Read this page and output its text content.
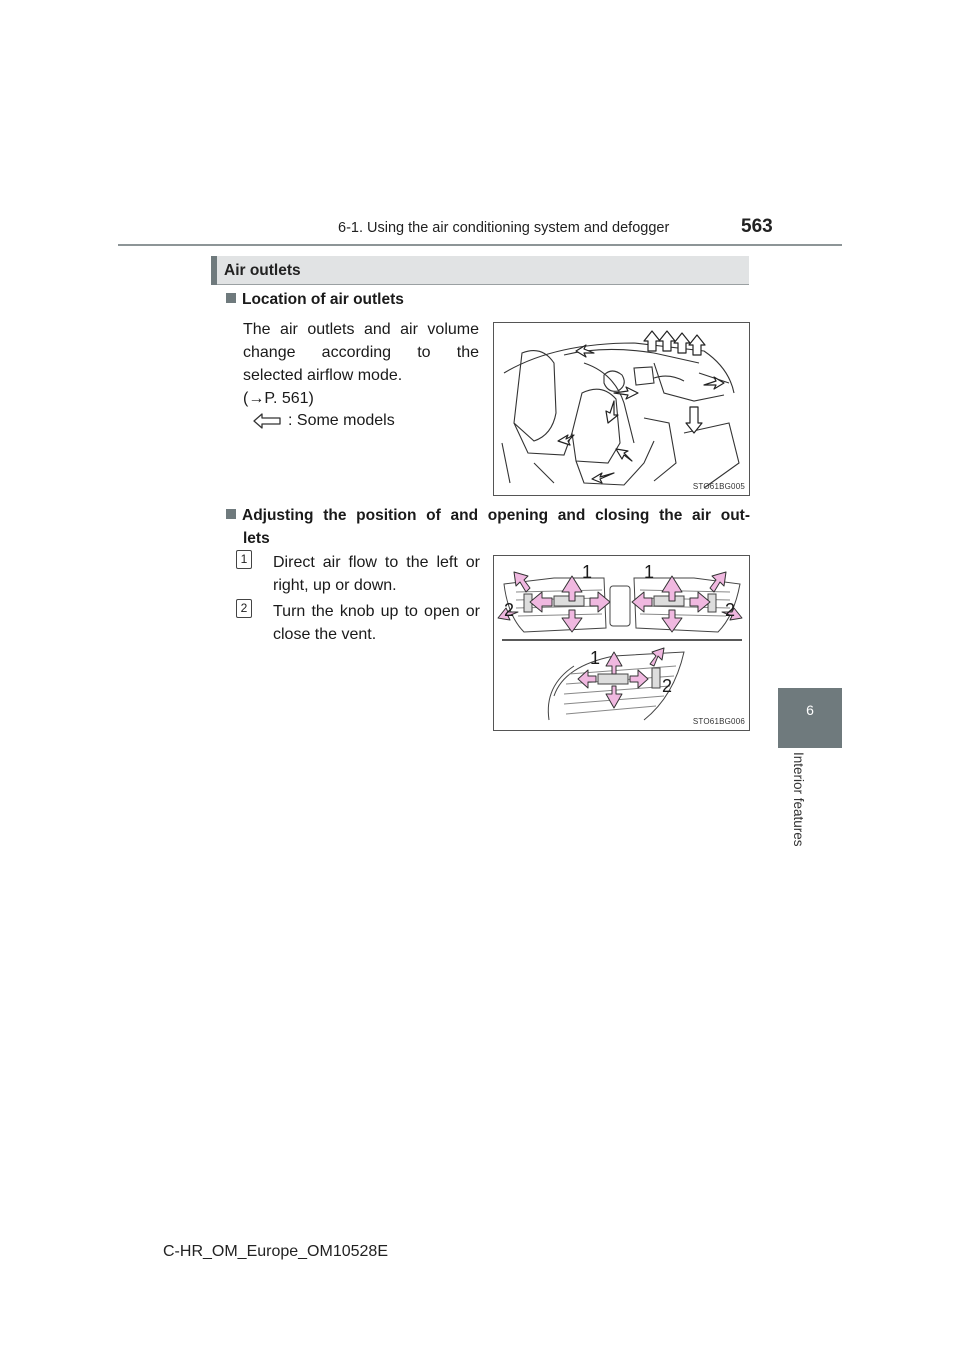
6-1. Using the air conditioning system and defogger	563
6
Interior features
Air outlets
Location of air outlets
The air outlets and air volume
change according to the
selected airflow mode.
(→P. 561)
: Some models
STO61BG005
Adjusting the position of and opening and closing the air out-
lets
1 Direct air flow to the left or
right, up or down.
2 Turn the knob up to open or
close the vent.
1	1
2	2
1
2
STO61BG006
C-HR_OM_Europe_OM10528E
